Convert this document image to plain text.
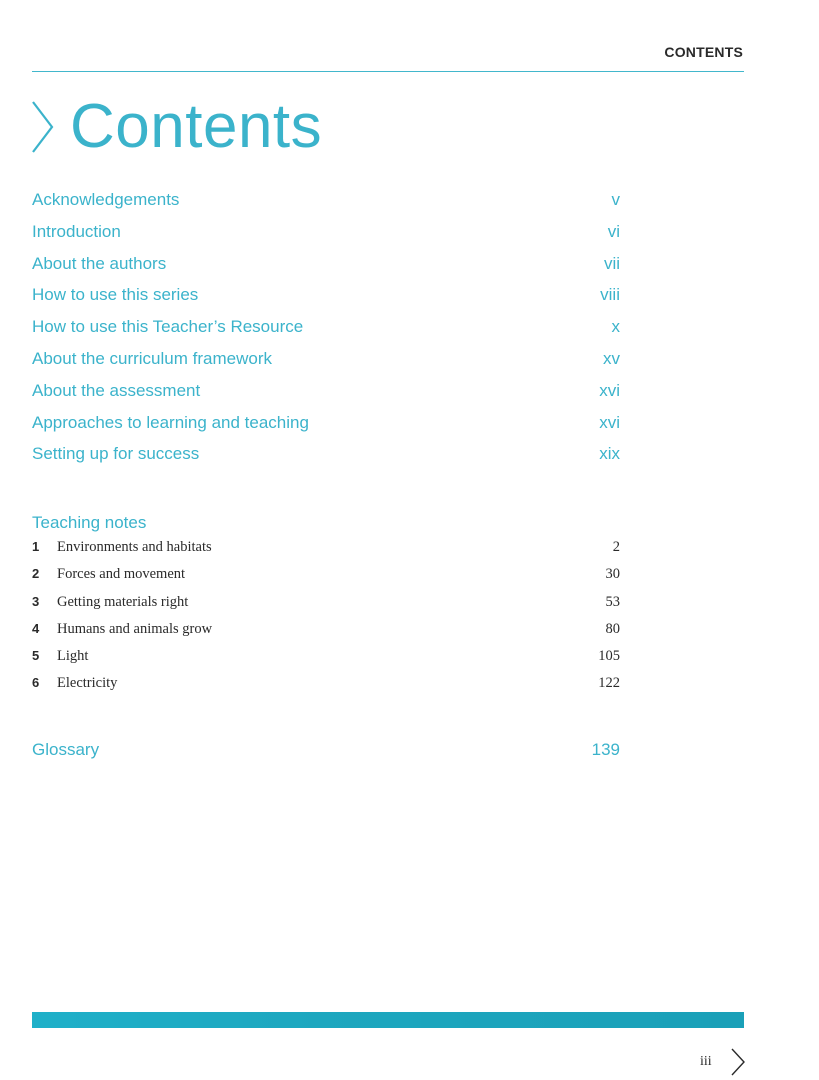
CONTENTS
Contents
Acknowledgements	v
Introduction	vi
About the authors	vii
How to use this series	viii
How to use this Teacher’s Resource	x
About the curriculum framework	xv
About the assessment	xvi
Approaches to learning and teaching	xvi
Setting up for success	xix
Teaching notes
1	Environments and habitats	2
2	Forces and movement	30
3	Getting materials right	53
4	Humans and animals grow	80
5	Light	105
6	Electricity	122
Glossary	139
iii
